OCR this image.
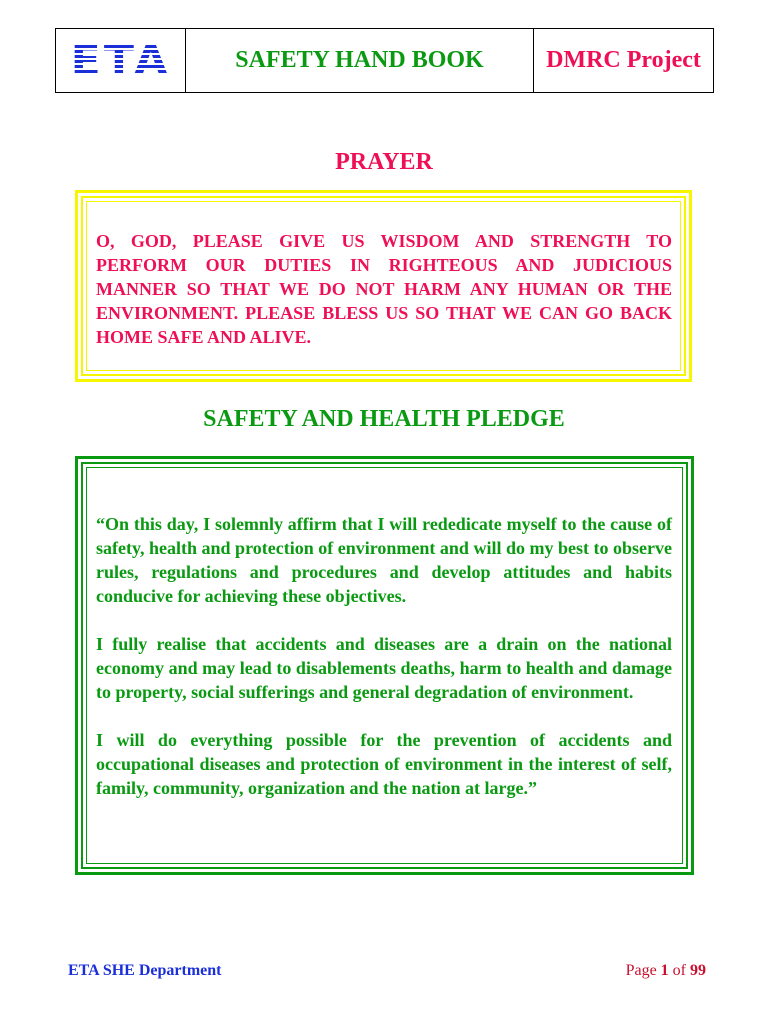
ETA	SAFETY HAND BOOK	DMRC Project
PRAYER

O, GOD, PLEASE GIVE US WISDOM AND STRENGTH TO PERFORM OUR DUTIES IN RIGHTEOUS AND JUDICIOUS MANNER SO THAT WE DO NOT HARM ANY HUMAN OR THE ENVIRONMENT. PLEASE BLESS US SO THAT WE CAN GO BACK HOME SAFE AND ALIVE.

SAFETY AND HEALTH PLEDGE

“On this day, I solemnly affirm that I will rededicate myself to the cause of safety, health and protection of environment and will do my best to observe rules, regulations and procedures and develop attitudes and habits conducive for achieving these objectives.

I fully realise that accidents and diseases are a drain on the national economy and may lead to disablements deaths, harm to health and damage to property, social sufferings and general degradation of environment.

I will do everything possible for the prevention of accidents and occupational diseases and protection of environment in the interest of self, family, community, organization and the nation at large.”

ETA SHE Department	Page 1 of 99
